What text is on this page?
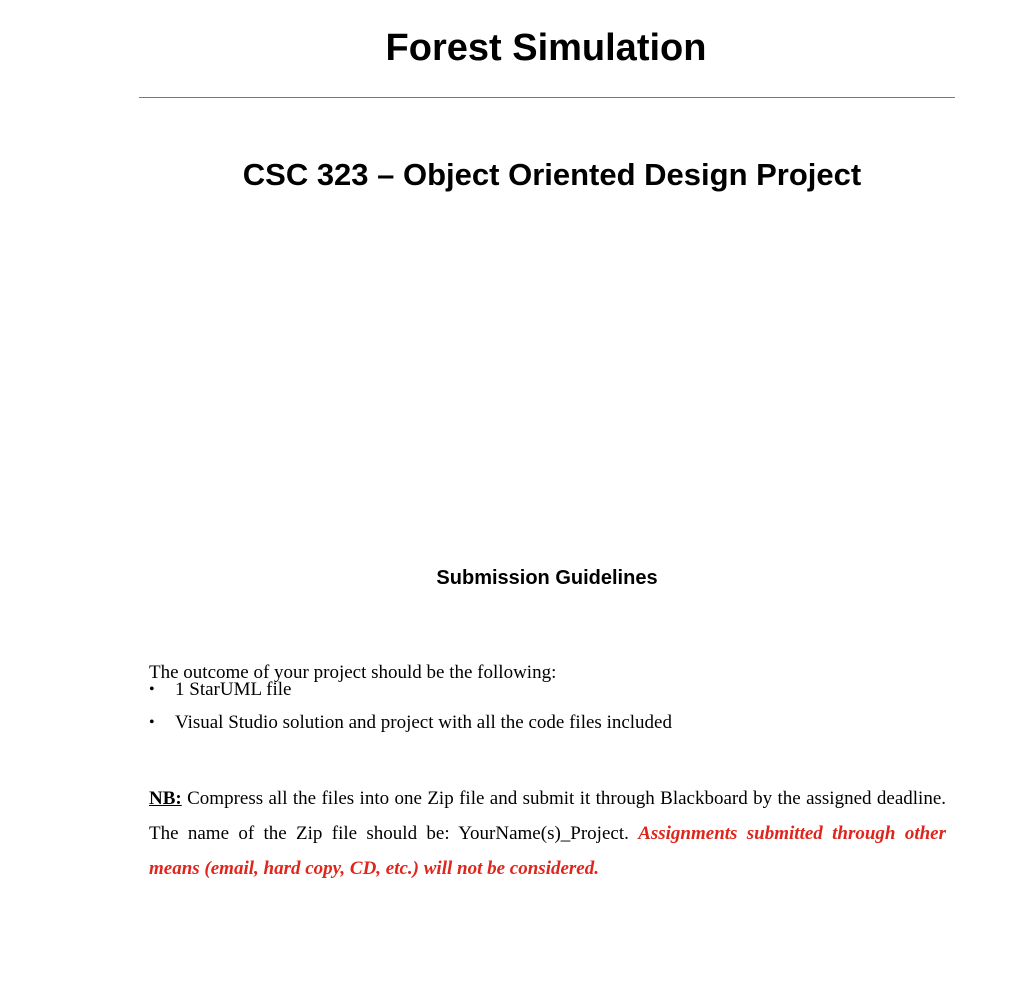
Forest Simulation
CSC 323 – Object Oriented Design Project
Submission Guidelines

The outcome of your project should be the following:

• 1 StarUML file
• Visual Studio solution and project with all the code files included

NB: Compress all the files into one Zip file and submit it through Blackboard by the assigned deadline. The name of the Zip file should be: YourName(s)_Project. Assignments submitted through other means (email, hard copy, CD, etc.) will not be considered.
